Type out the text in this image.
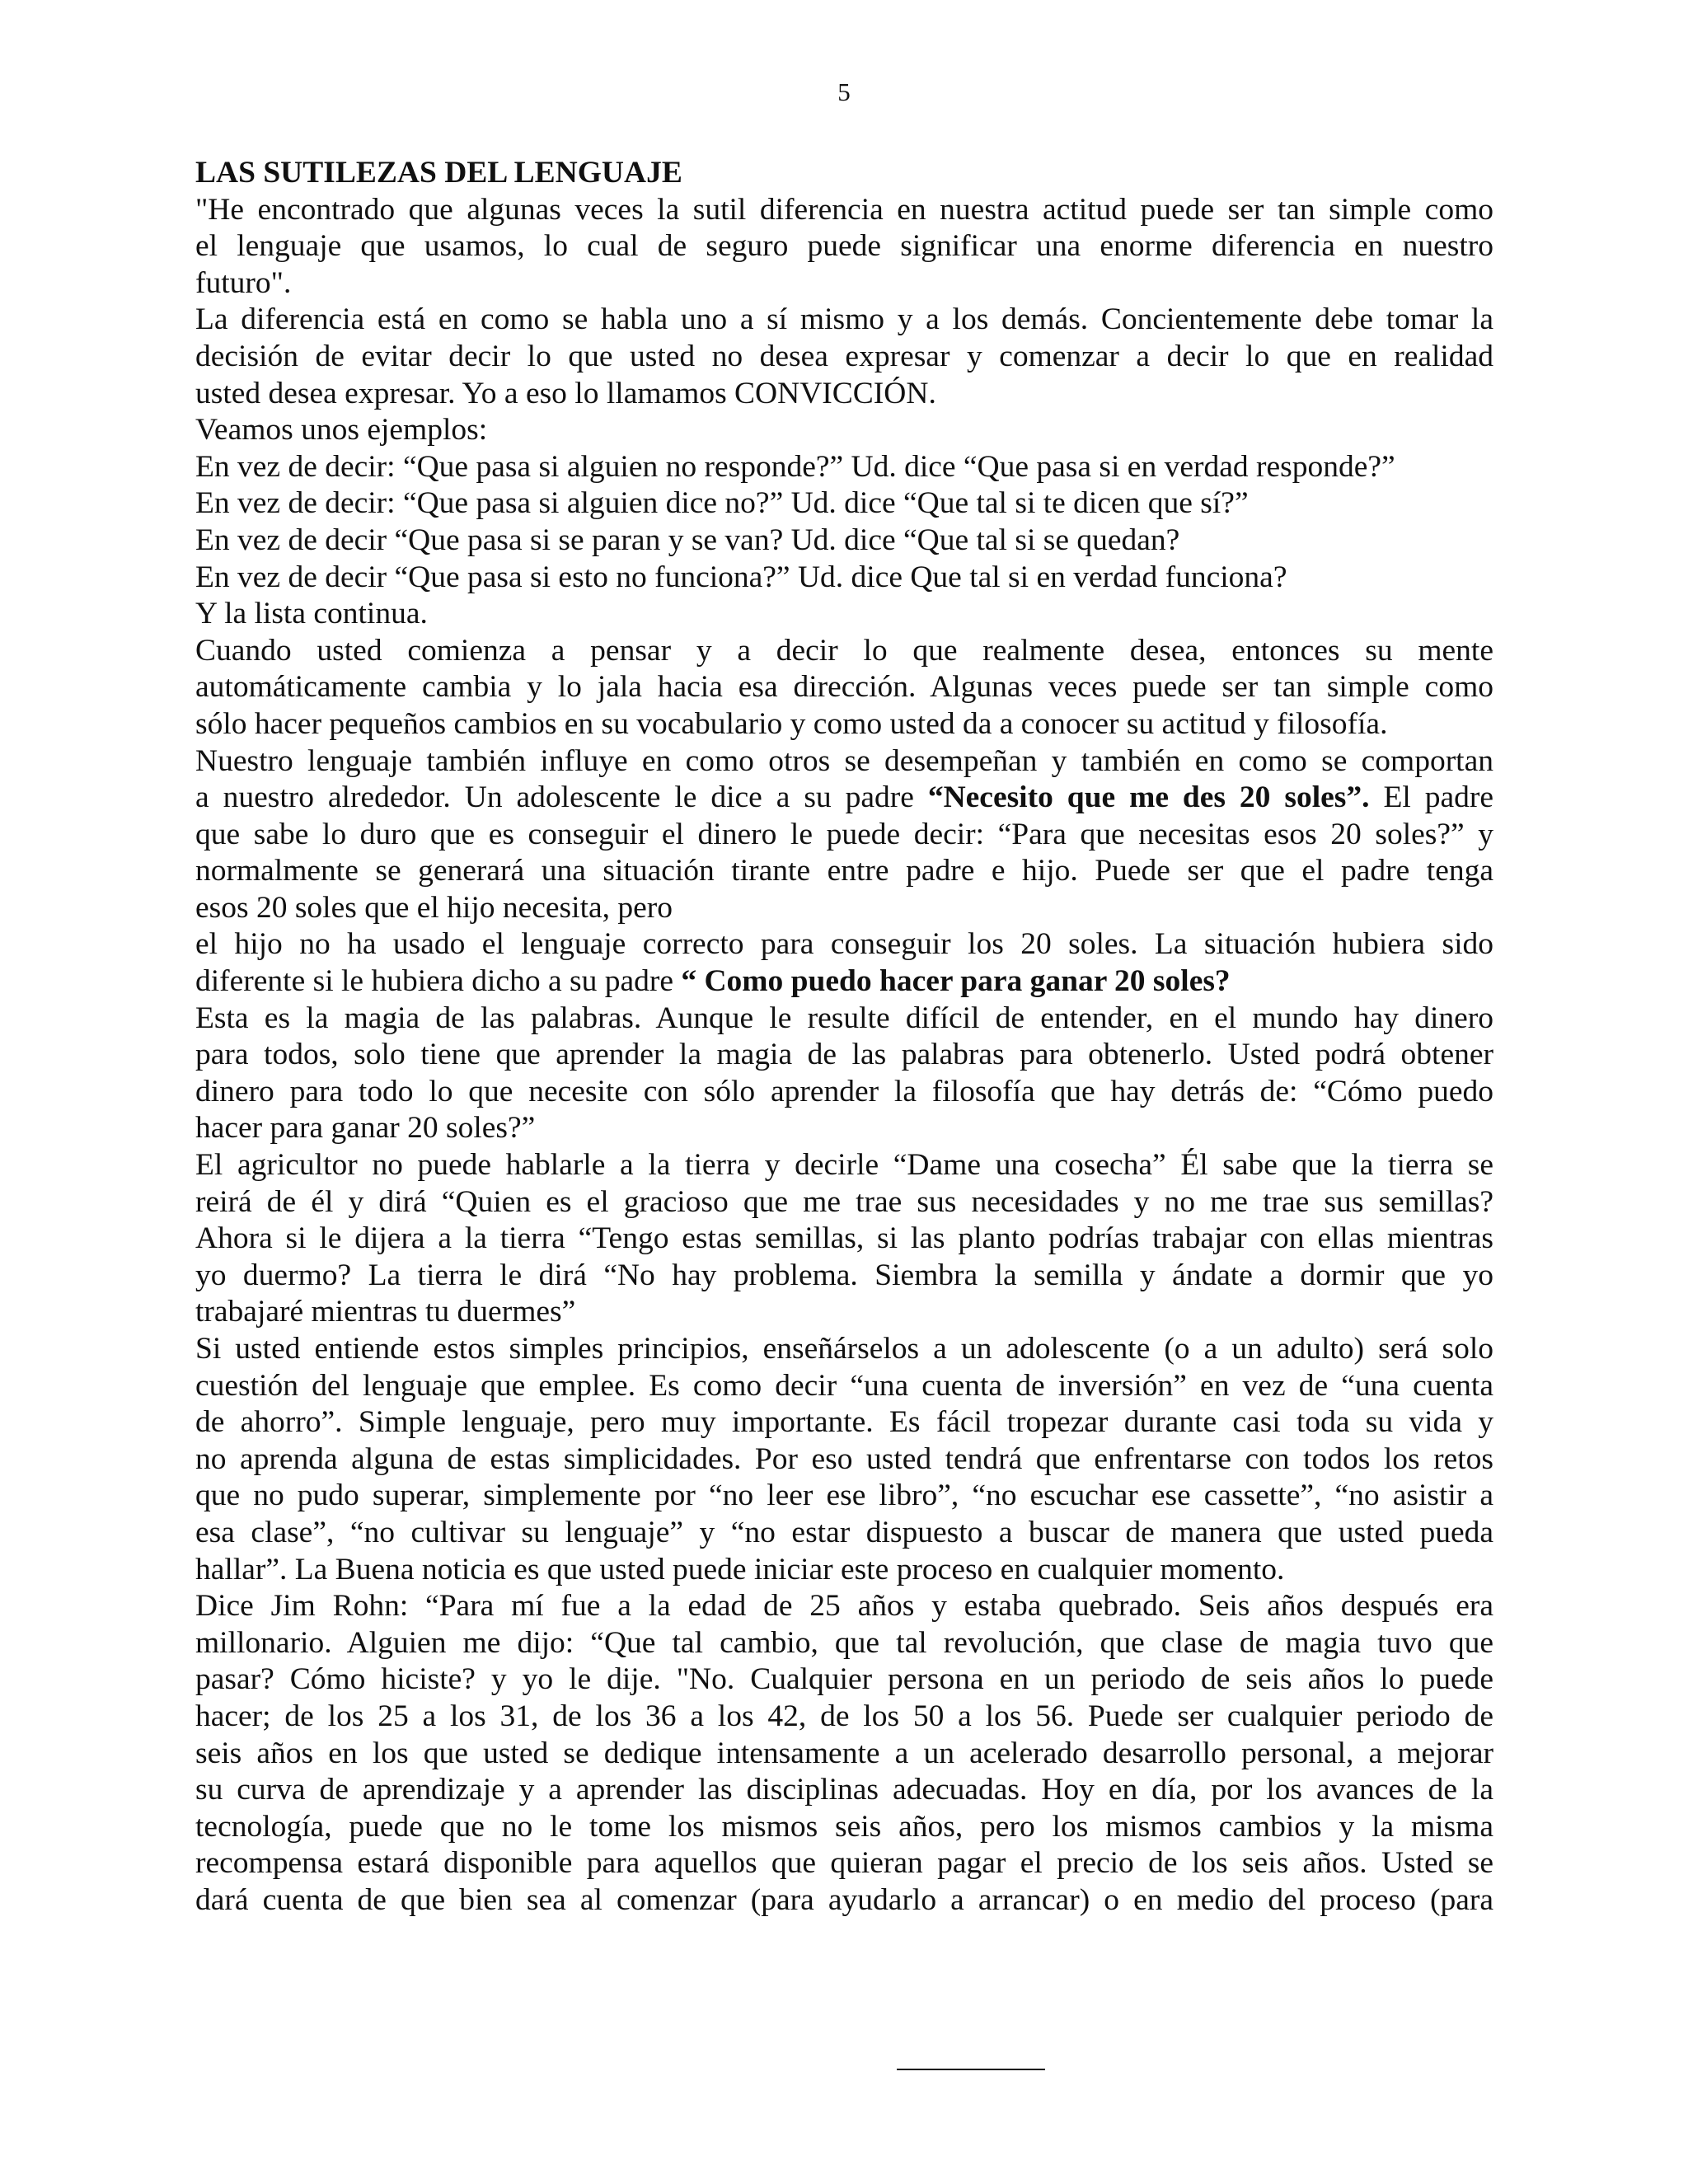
5
LAS SUTILEZAS DEL LENGUAJE
"He encontrado que algunas veces la sutil diferencia en nuestra actitud puede ser tan simple como
el lenguaje que usamos, lo cual de seguro puede significar una enorme diferencia en nuestro
futuro".
La diferencia está en como se habla uno a sí mismo y a los demás. Concientemente debe tomar la
decisión de evitar decir lo que usted no desea expresar y comenzar a decir lo que en realidad
usted desea expresar. Yo a eso lo llamamos CONVICCIÓN.
Veamos unos ejemplos:
En vez de decir: “Que pasa si alguien no responde?” Ud. dice “Que pasa si en verdad responde?”
En vez de decir: “Que pasa si alguien dice no?” Ud. dice “Que tal si te dicen que sí?”
En vez de decir “Que pasa si se paran y se van? Ud. dice “Que tal si se quedan?
En vez de decir “Que pasa si esto no funciona?” Ud. dice Que tal si en verdad funciona?
Y la lista continua.
Cuando usted comienza a pensar y a decir lo que realmente desea, entonces su mente
automáticamente cambia y lo jala hacia esa dirección. Algunas veces puede ser tan simple como
sólo hacer pequeños cambios en su vocabulario y como usted da a conocer su actitud y filosofía.
Nuestro lenguaje también influye en como otros se desempeñan y también en como se comportan
a nuestro alrededor. Un adolescente le dice a su padre “Necesito que me des 20 soles”. El padre
que sabe lo duro que es conseguir el dinero le puede decir: “Para que necesitas esos 20 soles?” y
normalmente se generará una situación tirante entre padre e hijo. Puede ser que el padre tenga
esos 20 soles que el hijo necesita, pero
el hijo no ha usado el lenguaje correcto para conseguir los 20 soles. La situación hubiera sido
diferente si le hubiera dicho a su padre “ Como puedo hacer para ganar 20 soles?
Esta es la magia de las palabras. Aunque le resulte difícil de entender, en el mundo hay dinero
para todos, solo tiene que aprender la magia de las palabras para obtenerlo. Usted podrá obtener
dinero para todo lo que necesite con sólo aprender la filosofía que hay detrás de: “Cómo puedo
hacer para ganar 20 soles?”
El agricultor no puede hablarle a la tierra y decirle “Dame una cosecha” Él sabe que la tierra se
reirá de él y dirá “Quien es el gracioso que me trae sus necesidades y no me trae sus semillas?
Ahora si le dijera a la tierra “Tengo estas semillas, si las planto podrías trabajar con ellas mientras
yo duermo? La tierra le dirá “No hay problema. Siembra la semilla y ándate a dormir que yo
trabajaré mientras tu duermes”
Si usted entiende estos simples principios, enseñárselos a un adolescente (o a un adulto) será solo
cuestión del lenguaje que emplee. Es como decir “una cuenta de inversión” en vez de “una cuenta
de ahorro”. Simple lenguaje, pero muy importante. Es fácil tropezar durante casi toda su vida y
no aprenda alguna de estas simplicidades. Por eso usted tendrá que enfrentarse con todos los retos
que no pudo superar, simplemente por “no leer ese libro”, “no escuchar ese cassette”, “no asistir a
esa clase”, “no cultivar su lenguaje” y “no estar dispuesto a buscar de manera que usted pueda
hallar”. La Buena noticia es que usted puede iniciar este proceso en cualquier momento.
Dice Jim Rohn: “Para mí fue a la edad de 25 años y estaba quebrado. Seis años después era
millonario. Alguien me dijo: “Que tal cambio, que tal revolución, que clase de magia tuvo que
pasar? Cómo hiciste? y yo le dije. "No. Cualquier persona en un periodo de seis años lo puede
hacer; de los 25 a los 31, de los 36 a los 42, de los 50 a los 56. Puede ser cualquier periodo de
seis años en los que usted se dedique intensamente a un acelerado desarrollo personal, a mejorar
su curva de aprendizaje y a aprender las disciplinas adecuadas. Hoy en día, por los avances de la
tecnología, puede que no le tome los mismos seis años, pero los mismos cambios y la misma
recompensa estará disponible para aquellos que quieran pagar el precio de los seis años. Usted se
dará cuenta de que bien sea al comenzar (para ayudarlo a arrancar) o en medio del proceso (para
